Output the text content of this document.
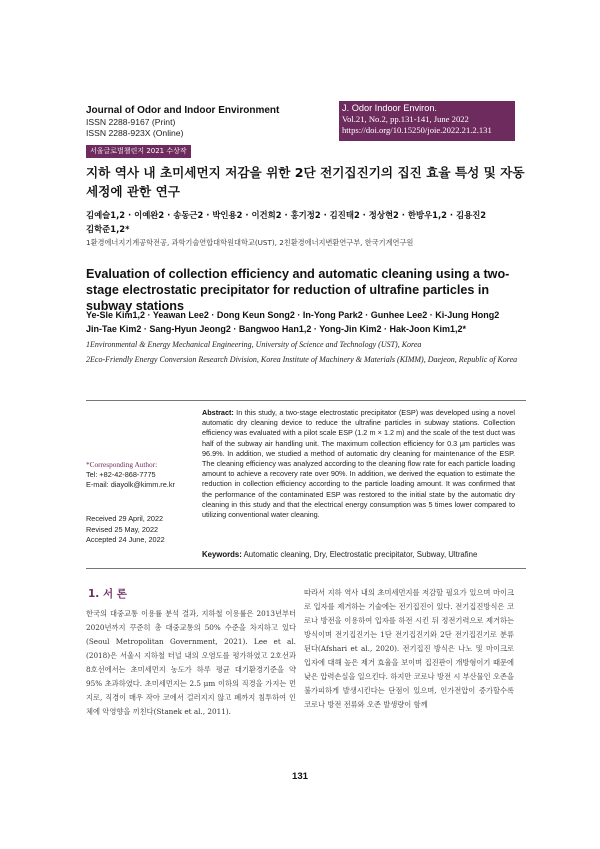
Journal of Odor and Indoor Environment
ISSN 2288-9167 (Print)
ISSN 2288-923X (Online)
J. Odor Indoor Environ.
Vol.21, No.2, pp.131-141, June 2022
https://doi.org/10.15250/joie.2022.21.2.131
서울글로벌챌린지 2021 수상작
지하 역사 내 초미세먼지 저감을 위한 2단 전기집진기의 집진 효율 특성 및 자동 세정에 관한 연구
김예슬1,2 · 이예완2 · 송동근2 · 박인용2 · 이건희2 · 홍기정2 · 김진태2 · 정상현2 · 한방우1,2 · 김용진2
김학준1,2*
1환경에너지기계공학전공, 과학기술연합대학원대학교(UST), 2친환경에너지변환연구부, 한국기계연구원
Evaluation of collection efficiency and automatic cleaning using a two-stage electrostatic precipitator for reduction of ultrafine particles in subway stations
Ye-Sle Kim1,2 · Yeawan Lee2 · Dong Keun Song2 · In-Yong Park2 · Gunhee Lee2 · Ki-Jung Hong2
Jin-Tae Kim2 · Sang-Hyun Jeong2 · Bangwoo Han1,2 · Yong-Jin Kim2 · Hak-Joon Kim1,2*

1Environmental & Energy Mechanical Engineering, University of Science and Technology (UST), Korea

2Eco-Friendly Energy Conversion Research Division, Korea Institute of Machinery & Materials (KIMM), Daejeon, Republic of Korea

*Corresponding Author:
Tel: +82-42-868-7775
E-mail: diayolk@kimm.re.kr
Received 29 April, 2022
Revised 25 May, 2022
Accepted 24 June, 2022
Abstract: In this study, a two-stage electrostatic precipitator (ESP) was developed using a novel automatic dry cleaning device to reduce the ultrafine particles in subway stations. Collection efficiency was evaluated with a pilot scale ESP (1.2 m × 1.2 m) and the scale of the test duct was half of the subway air handling unit. The maximum collection efficiency for 0.3 μm particles was 96.9%. In addition, we studied a method of automatic dry cleaning for maintenance of the ESP. The cleaning efficiency was analyzed according to the cleaning flow rate for each particle loading amount to achieve a recovery rate over 90%. In addition, we derived the equation to estimate the reduction in collection efficiency according to the particle loading amount. It was confirmed that the performance of the contaminated ESP was restored to the initial state by the automatic dry cleaning in this study and that the electrical energy consumption was 5 times lower compared to utilizing conventional water cleaning.
Keywords: Automatic cleaning, Dry, Electrostatic precipitator, Subway, Ultrafine
1. 서 론
한국의 대중교통 이용률 분석 결과, 지하철 이용률은 2013년부터 2020년까지 꾸준히 총 대중교통의 50% 수준을 차지하고 있다(Seoul Metropolitan Government, 2021). Lee et al. (2018)은 서울시 지하철 터널 내의 오염도를 평가하였고 2호선과 8호선에서는 초미세먼지 농도가 하루 평균 대기환경기준을 약 95% 초과하였다. 초미세먼지는 2.5 μm 이하의 직경을 가지는 먼지로, 직경이 매우 작아 코에서 걸러지지 않고 폐까지 침투하여 인체에 악영향을 끼친다(Stanek et al., 2011).
따라서 지하 역사 내의 초미세먼지를 저감할 필요가 있으며 마이크로 입자를 제거하는 기술에는 전기집진이 있다. 전기집진방식은 코로나 방전을 이용하여 입자를 하전 시킨 뒤 정전기력으로 제거하는 방식이며 전기집진기는 1단 전기집진기와 2단 전기집진기로 분류 된다(Afshari et al., 2020). 전기집진 방식은 나노 및 마이크로 입자에 대해 높은 제거 효율을 보이며 집진판이 개방형이기 때문에 낮은 압력손실을 일으킨다. 하지만 코로나 방전 시 부산물인 오존을 불가피하게 발생시킨다는 단점이 있으며, 인가전압이 증가할수록 코로나 방전 전류와 오존 발생량이 함께
131
